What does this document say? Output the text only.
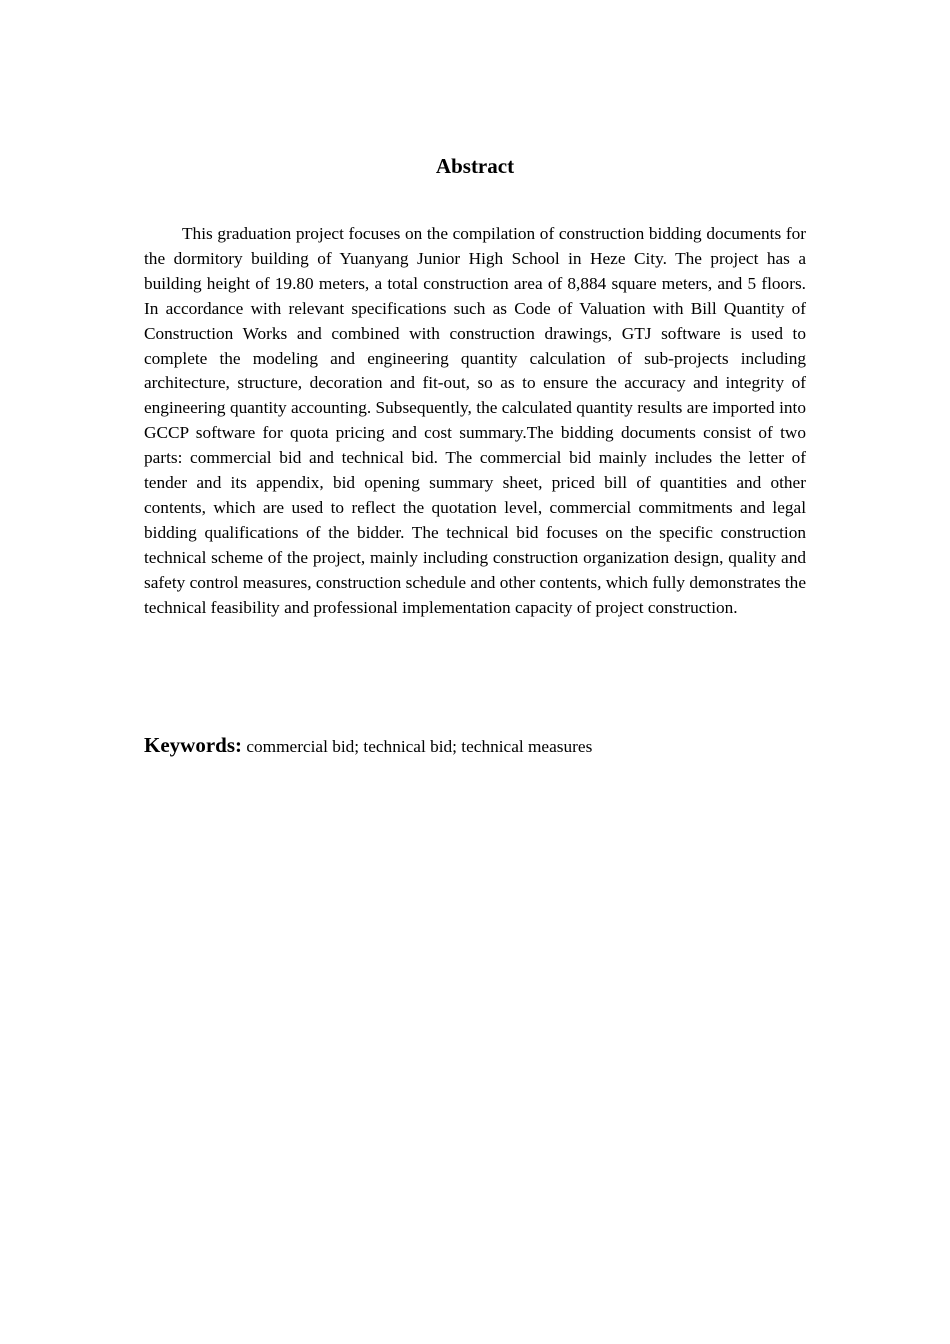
Abstract

This graduation project focuses on the compilation of construction bidding documents for the dormitory building of Yuanyang Junior High School in Heze City. The project has a building height of 19.80 meters, a total construction area of 8,884 square meters, and 5 floors. In accordance with relevant specifications such as Code of Valuation with Bill Quantity of Construction Works and combined with construction drawings, GTJ software is used to complete the modeling and engineering quantity calculation of sub-projects including architecture, structure, decoration and fit-out, so as to ensure the accuracy and integrity of engineering quantity accounting. Subsequently, the calculated quantity results are imported into GCCP software for quota pricing and cost summary.The bidding documents consist of two parts: commercial bid and technical bid. The commercial bid mainly includes the letter of tender and its appendix, bid opening summary sheet, priced bill of quantities and other contents, which are used to reflect the quotation level, commercial commitments and legal bidding qualifications of the bidder. The technical bid focuses on the specific construction technical scheme of the project, mainly including construction organization design, quality and safety control measures, construction schedule and other contents, which fully demonstrates the technical feasibility and professional implementation capacity of project construction.

Keywords: commercial bid; technical bid; technical measures
